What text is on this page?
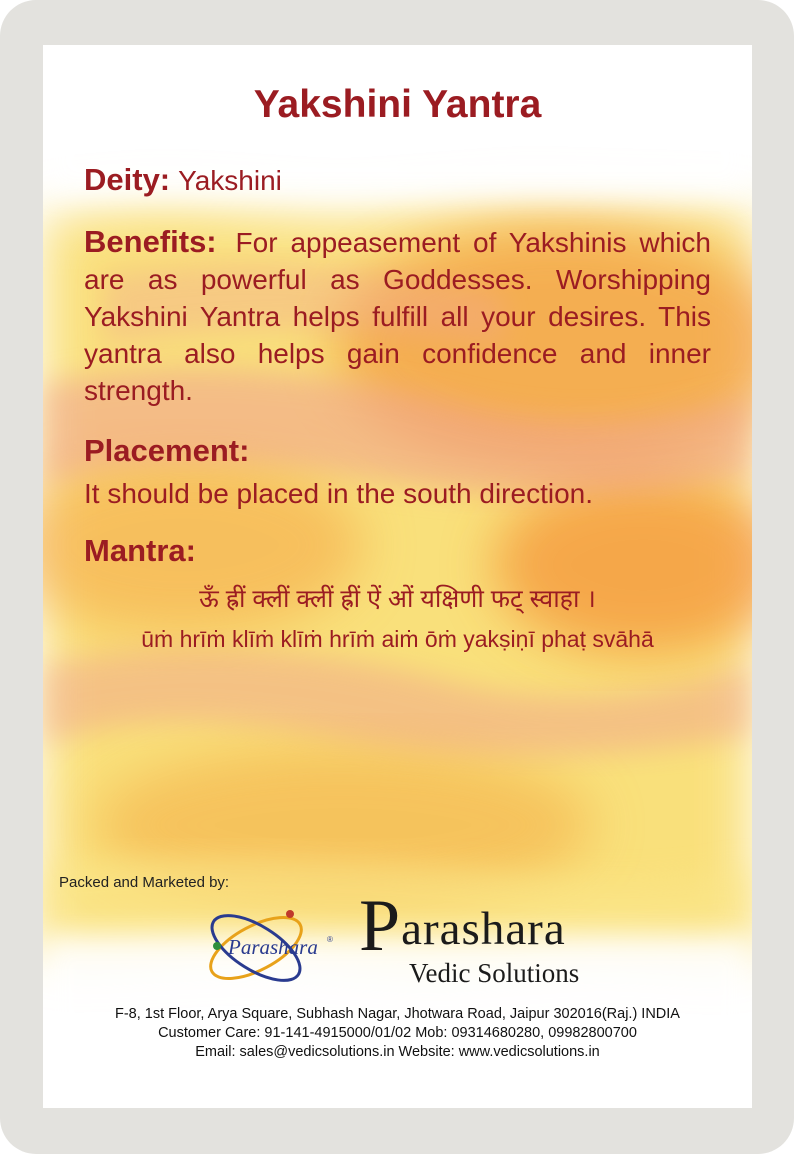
Yakshini Yantra
Deity: Yakshini
Benefits: For appeasement of Yakshinis which are as powerful as Goddesses. Worshipping Yakshini Yantra helps fulfill all your desires. This yantra also helps gain confidence and inner strength.
Placement:
It should be placed in the south direction.
Mantra:
ऊँ ह्रीं क्लीं क्लीं ह्रीं ऐं ओं यक्षिणी फट् स्वाहा ।
ūṁ hrīṁ klīṁ klīṁ hrīṁ aiṁ ōṁ yakṣiṇī phaṭ svāhā
Packed and Marketed by:
Parashara ® Parashara
Vedic Solutions
F-8, 1st Floor, Arya Square, Subhash Nagar, Jhotwara Road, Jaipur 302016(Raj.) INDIA
Customer Care: 91-141-4915000/01/02 Mob: 09314680280, 09982800700
Email: sales@vedicsolutions.in Website: www.vedicsolutions.in
